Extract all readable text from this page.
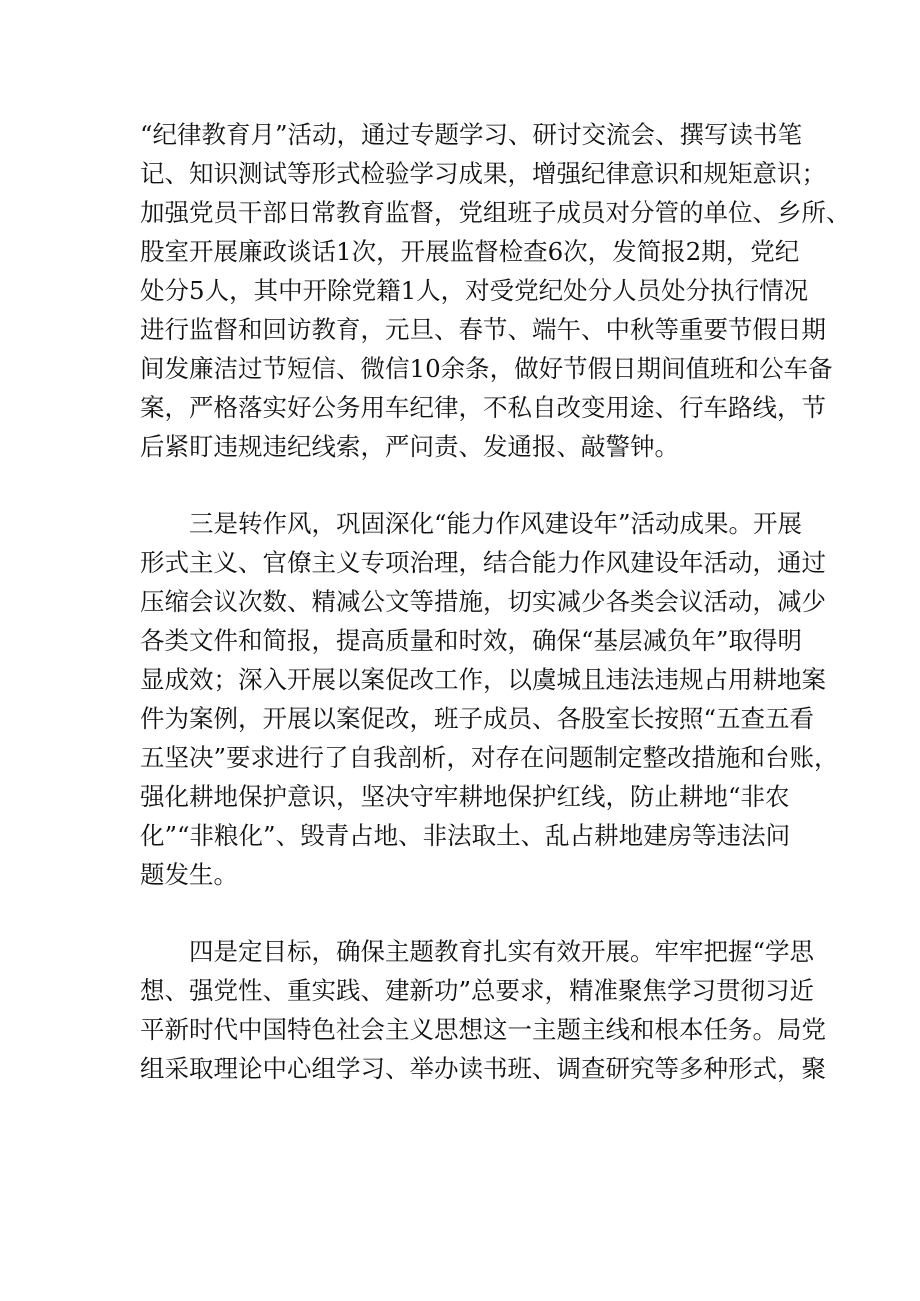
“纪律教育月”活动，通过专题学习、研讨交流会、撰写读书笔
记、知识测试等形式检验学习成果，增强纪律意识和规矩意识；
加强党员干部日常教育监督，党组班子成员对分管的单位、乡所、
股室开展廉政谈话1次，开展监督检查6次，发简报2期，党纪
处分5人，其中开除党籍1人，对受党纪处分人员处分执行情况
进行监督和回访教育，元旦、春节、端午、中秋等重要节假日期
间发廉洁过节短信、微信10余条，做好节假日期间值班和公车备
案，严格落实好公务用车纪律，不私自改变用途、行车路线，节
后紧盯违规违纪线索，严问责、发通报、敲警钟。
　　三是转作风，巩固深化“能力作风建设年”活动成果。开展
形式主义、官僚主义专项治理，结合能力作风建设年活动，通过
压缩会议次数、精减公文等措施，切实减少各类会议活动，减少
各类文件和简报，提高质量和时效，确保“基层减负年”取得明
显成效；深入开展以案促改工作，以虞城且违法违规占用耕地案
件为案例，开展以案促改，班子成员、各股室长按照“五查五看
五坚决”要求进行了自我剖析，对存在问题制定整改措施和台账，
强化耕地保护意识，坚决守牢耕地保护红线，防止耕地“非农
化”“非粮化”、毁青占地、非法取土、乱占耕地建房等违法问
题发生。
　　四是定目标，确保主题教育扎实有效开展。牢牢把握“学思
想、强党性、重实践、建新功”总要求，精准聚焦学习贯彻习近
平新时代中国特色社会主义思想这一主题主线和根本任务。局党
组采取理论中心组学习、举办读书班、调查研究等多种形式，聚
